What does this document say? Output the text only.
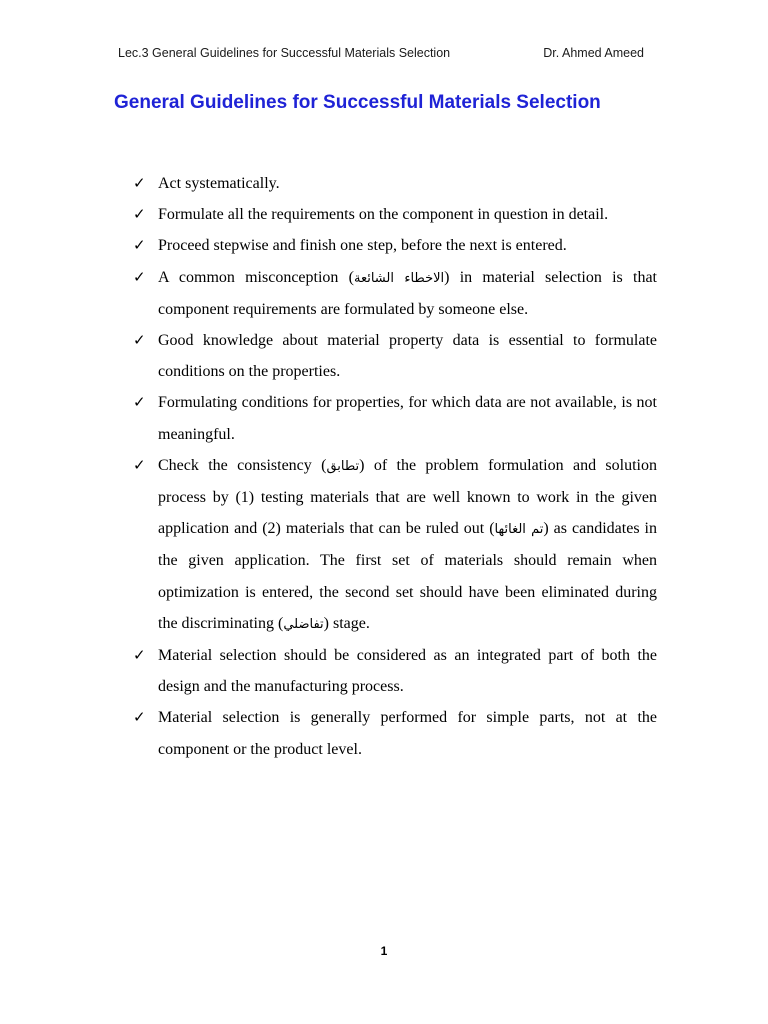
Lec.3 General Guidelines for Successful Materials Selection	Dr. Ahmed Ameed
General Guidelines for Successful Materials Selection
✓ Act systematically.
✓ Formulate all the requirements on the component in question in detail.
✓ Proceed stepwise and finish one step, before the next is entered.
✓ A common misconception (الاخطاء الشائعة) in material selection is that component requirements are formulated by someone else.
✓ Good knowledge about material property data is essential to formulate conditions on the properties.
✓ Formulating conditions for properties, for which data are not available, is not meaningful.
✓ Check the consistency (تطابق) of the problem formulation and solution process by (1) testing materials that are well known to work in the given application and (2) materials that can be ruled out (تم الغائها) as candidates in the given application. The first set of materials should remain when optimization is entered, the second set should have been eliminated during the discriminating (تفاضلي) stage.
✓ Material selection should be considered as an integrated part of both the design and the manufacturing process.
✓ Material selection is generally performed for simple parts, not at the component or the product level.
1
